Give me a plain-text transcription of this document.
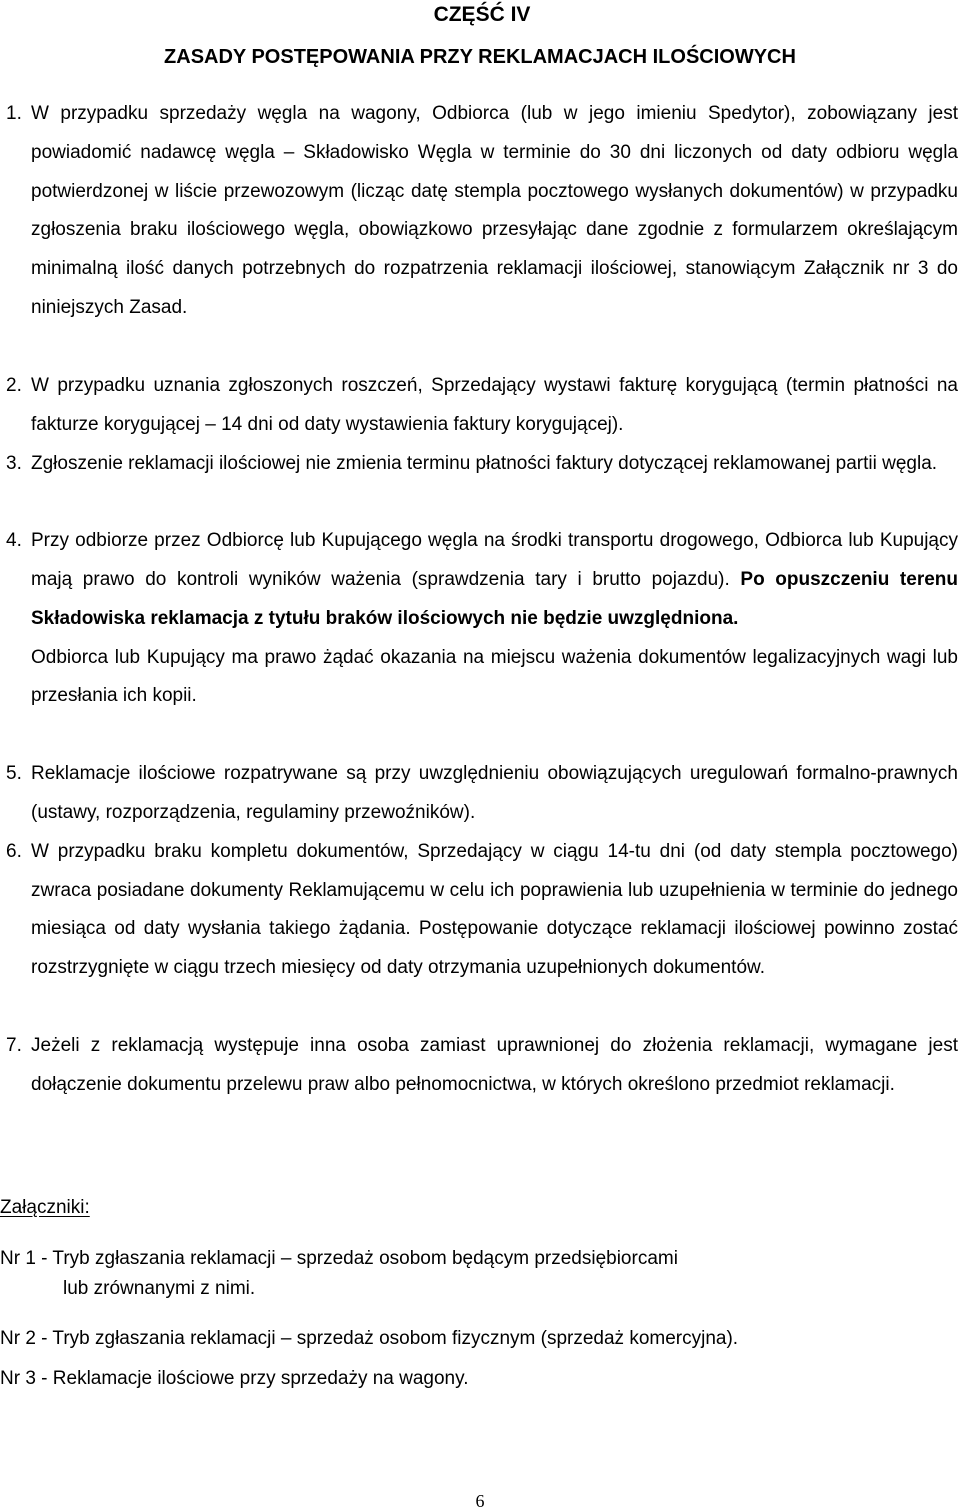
CZĘŚĆ IV
ZASADY POSTĘPOWANIA PRZY REKLAMACJACH ILOŚCIOWYCH
1. W przypadku sprzedaży węgla na wagony, Odbiorca (lub w jego imieniu Spedytor), zobowiązany jest powiadomić nadawcę węgla – Składowisko Węgla w terminie do 30 dni liczonych od daty odbioru węgla potwierdzonej w liście przewozowym (licząc datę stempla pocztowego wysłanych dokumentów) w przypadku zgłoszenia braku ilościowego węgla, obowiązkowo przesyłając dane zgodnie z formularzem określającym minimalną ilość danych potrzebnych do rozpatrzenia reklamacji ilościowej, stanowiącym Załącznik nr 3 do niniejszych Zasad.

2. W przypadku uznania zgłoszonych roszczeń, Sprzedający wystawi fakturę korygującą (termin płatności na fakturze korygującej – 14 dni od daty wystawienia faktury korygującej).

3. Zgłoszenie reklamacji ilościowej nie zmienia terminu płatności faktury dotyczącej reklamowanej partii węgla.

4. Przy odbiorze przez Odbiorcę lub Kupującego węgla na środki transportu drogowego, Odbiorca lub Kupujący mają prawo do kontroli wyników ważenia (sprawdzenia tary i brutto pojazdu). Po opuszczeniu terenu Składowiska reklamacja z tytułu braków ilościowych nie będzie uwzględniona.

Odbiorca lub Kupujący ma prawo żądać okazania na miejscu ważenia dokumentów legalizacyjnych wagi lub przesłania ich kopii.

5. Reklamacje ilościowe rozpatrywane są przy uwzględnieniu obowiązujących uregulowań formalno-prawnych (ustawy, rozporządzenia, regulaminy przewoźników).

6. W przypadku braku kompletu dokumentów, Sprzedający w ciągu 14-tu dni (od daty stempla pocztowego) zwraca posiadane dokumenty Reklamującemu w celu ich poprawienia lub uzupełnienia w terminie do jednego miesiąca od daty wysłania takiego żądania. Postępowanie dotyczące reklamacji ilościowej powinno zostać rozstrzygnięte w ciągu trzech miesięcy od daty otrzymania uzupełnionych dokumentów.

7. Jeżeli z reklamacją występuje inna osoba zamiast uprawnionej do złożenia reklamacji, wymagane jest dołączenie dokumentu przelewu praw albo pełnomocnictwa, w których określono przedmiot reklamacji.

Załączniki:

Nr 1 - Tryb zgłaszania reklamacji – sprzedaż osobom będącym przedsiębiorcami
lub zrównanymi z nimi.
Nr 2 - Tryb zgłaszania reklamacji – sprzedaż osobom fizycznym (sprzedaż komercyjna).
Nr 3 - Reklamacje ilościowe przy sprzedaży na wagony.

6
